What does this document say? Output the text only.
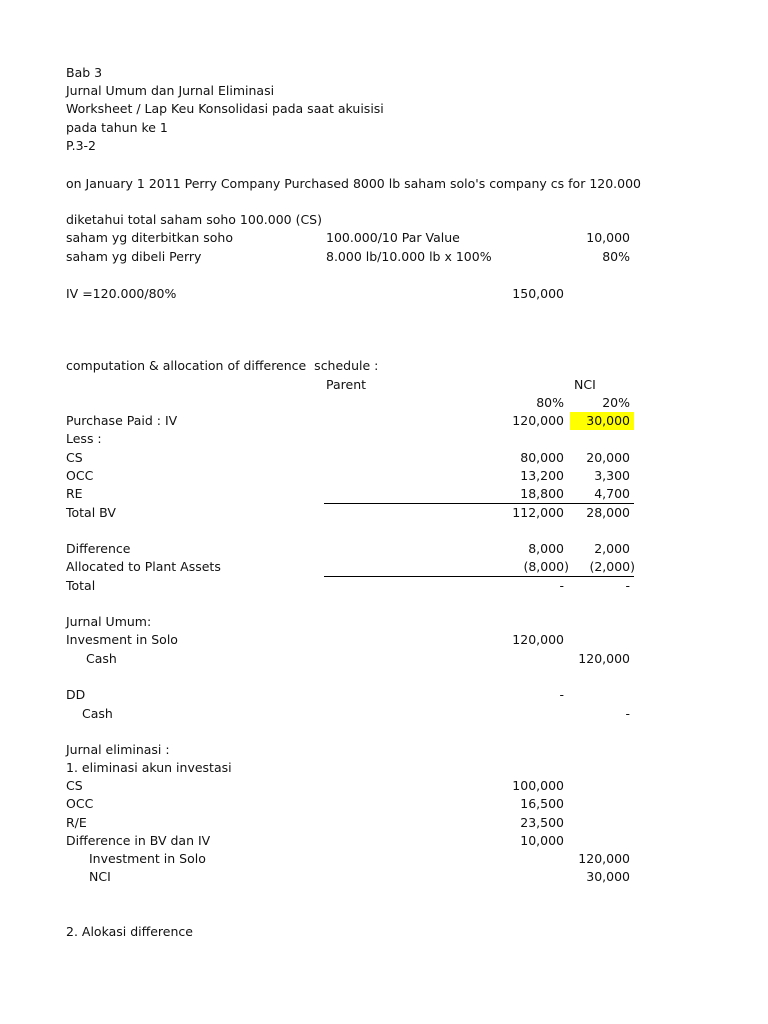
Bab 3
Jurnal Umum dan Jurnal Eliminasi
Worksheet / Lap Keu Konsolidasi pada saat akuisisi
pada tahun ke 1
P.3-2
on January 1 2011 Perry Company Purchased 8000 lb saham solo's company cs for 120.000
diketahui total saham soho 100.000 (CS)
saham yg diterbitkan soho	100.000/10 Par Value	10,000
saham yg dibeli Perry	8.000 lb/10.000 lb x 100%	80%
IV =120.000/80%	150,000
computation & allocation of difference  schedule :
Parent	NCI
80%	20%
Purchase Paid : IV	120,000	30,000
Less :
CS	80,000	20,000
OCC	13,200	3,300
RE	18,800	4,700
Total BV	112,000	28,000
Difference	8,000	2,000
Allocated to Plant Assets	(8,000)	(2,000)
Total	-	-
Jurnal Umum:
Invesment in Solo	120,000
Cash	120,000
DD	-
Cash	-
Jurnal eliminasi :
1. eliminasi akun investasi
CS	100,000
OCC	16,500
R/E	23,500
Difference in BV dan IV	10,000
Investment in Solo	120,000
NCI	30,000
2. Alokasi difference
